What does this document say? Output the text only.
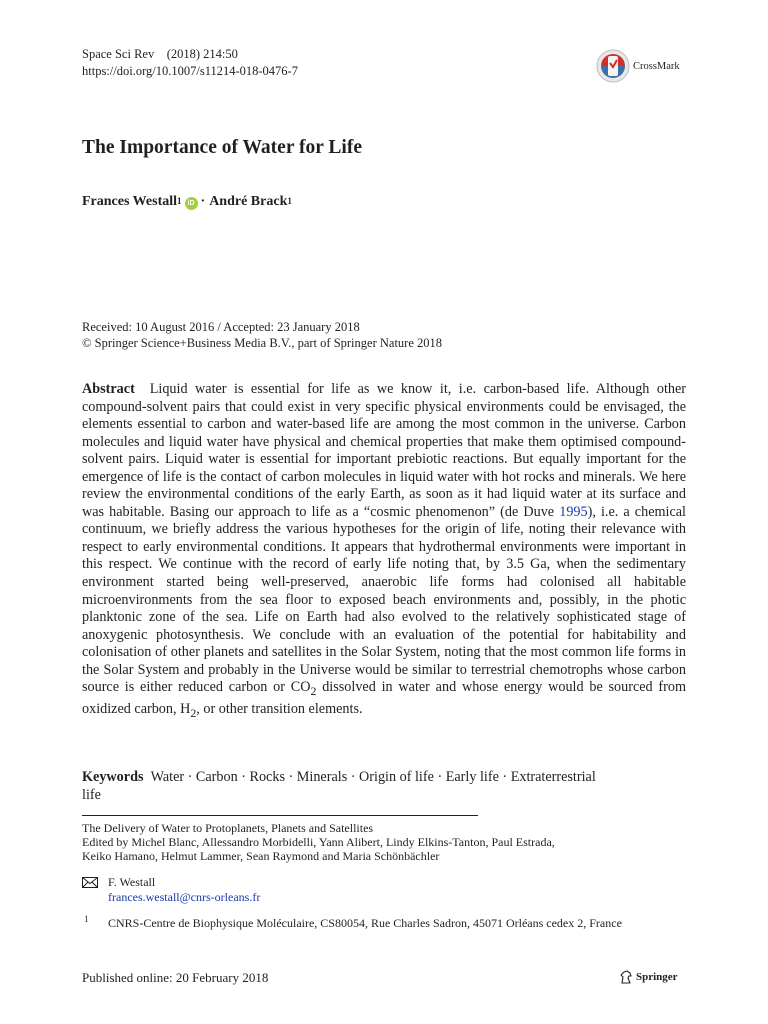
Space Sci Rev    (2018) 214:50
https://doi.org/10.1007/s11214-018-0476-7	CrossMark
The Importance of Water for Life
Frances Westall$^1$ iD · André Brack$^1$
Received: 10 August 2016 / Accepted: 23 January 2018
© Springer Science+Business Media B.V., part of Springer Nature 2018

Abstract Liquid water is essential for life as we know it, i.e. carbon-based life. Although other compound-solvent pairs that could exist in very specific physical environments could be envisaged, the elements essential to carbon and water-based life are among the most common in the universe. Carbon molecules and liquid water have physical and chemical properties that make them optimised compound-solvent pairs. Liquid water is essential for important prebiotic reactions. But equally important for the emergence of life is the contact of carbon molecules in liquid water with hot rocks and minerals. We here review the environmental conditions of the early Earth, as soon as it had liquid water at its surface and was habitable. Basing our approach to life as a “cosmic phenomenon” (de Duve 1995), i.e. a chemical continuum, we briefly address the various hypotheses for the origin of life, noting their relevance with respect to early environmental conditions. It appears that hydrothermal environments were important in this respect. We continue with the record of early life noting that, by 3.5 Ga, when the sedimentary environment started being well-preserved, anaerobic life forms had colonised all habitable microenvironments from the sea floor to exposed beach environments and, possibly, in the photic planktonic zone of the sea. Life on Earth had also evolved to the relatively sophisticated stage of anoxygenic photosynthesis. We conclude with an evaluation of the potential for habitability and colonisation of other planets and satellites in the Solar System, noting that the most common life forms in the Solar System and probably in the Universe would be similar to terrestrial chemotrophs whose carbon source is either reduced carbon or $CO_2$ dissolved in water and whose energy would be sourced from oxidized carbon, $H_2$, or other transition elements.

Keywords Water · Carbon · Rocks · Minerals · Origin of life · Early life · Extraterrestrial life

The Delivery of Water to Protoplanets, Planets and Satellites
Edited by Michel Blanc, Allessandro Morbidelli, Yann Alibert, Lindy Elkins-Tanton, Paul Estrada,
Keiko Hamano, Helmut Lammer, Sean Raymond and Maria Schönbächler
F. Westall
frances.westall@cnrs-orleans.fr
1 CNRS-Centre de Biophysique Moléculaire, CS80054, Rue Charles Sadron, 45071 Orléans cedex 2, France
Published online: 20 February 2018	Springer
